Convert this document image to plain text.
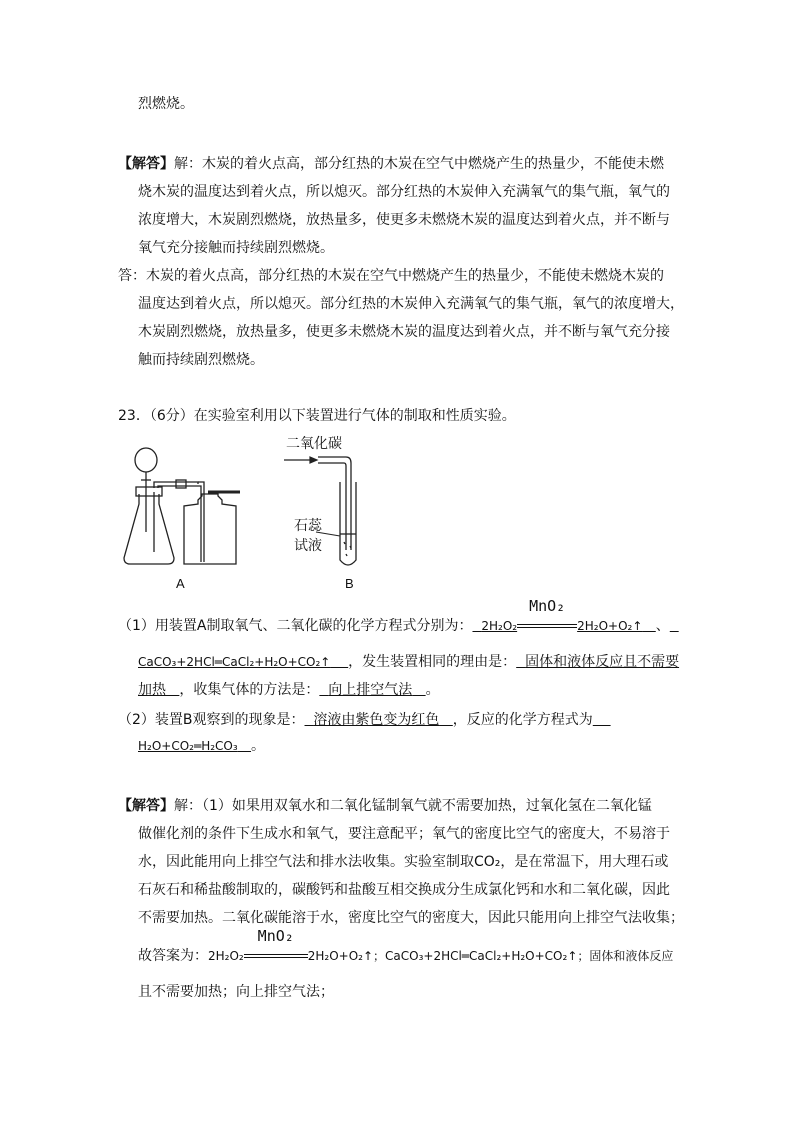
烈燃烧。
【解答】解：木炭的着火点高，部分红热的木炭在空气中燃烧产生的热量少，不能使未燃
烧木炭的温度达到着火点，所以熄灭。部分红热的木炭伸入充满氧气的集气瓶，氧气的
浓度增大，木炭剧烈燃烧，放热量多，使更多未燃烧木炭的温度达到着火点，并不断与
氧气充分接触而持续剧烈燃烧。
答：木炭的着火点高，部分红热的木炭在空气中燃烧产生的热量少，不能使未燃烧木炭的
温度达到着火点，所以熄灭。部分红热的木炭伸入充满氧气的集气瓶，氧气的浓度增大，
木炭剧烈燃烧，放热量多，使更多未燃烧木炭的温度达到着火点，并不断与氧气充分接
触而持续剧烈燃烧。
23．（6分）在实验室利用以下装置进行气体的制取和性质实验。
A
二氧化碳
石蕊
试液
B
（1）用装置A制取氧气、二氧化碳的化学方程式分别为： 2H₂O₂
MnO₂
2H₂O+O₂↑ 、
CaCO₃+2HCl═CaCl₂+H₂O+CO₂↑ ，发生装置相同的理由是： 固体和液体反应且不需要
加热 ，收集气体的方法是： 向上排空气法 。
（2）装置B观察到的现象是： 溶液由紫色变为红色 ，反应的化学方程式为
H₂O+CO₂═H₂CO₃ 。
【解答】解：（1）如果用双氧水和二氧化锰制氧气就不需要加热，过氧化氢在二氧化锰
做催化剂的条件下生成水和氧气，要注意配平；氧气的密度比空气的密度大，不易溶于
水，因此能用向上排空气法和排水法收集。实验室制取CO₂，是在常温下，用大理石或
石灰石和稀盐酸制取的，碳酸钙和盐酸互相交换成分生成氯化钙和水和二氧化碳，因此
不需要加热。二氧化碳能溶于水，密度比空气的密度大，因此只能用向上排空气法收集；
故答案为：2H₂O₂
MnO₂
2H₂O+O₂↑；CaCO₃+2HCl═CaCl₂+H₂O+CO₂↑；固体和液体反应
且不需要加热；向上排空气法；
